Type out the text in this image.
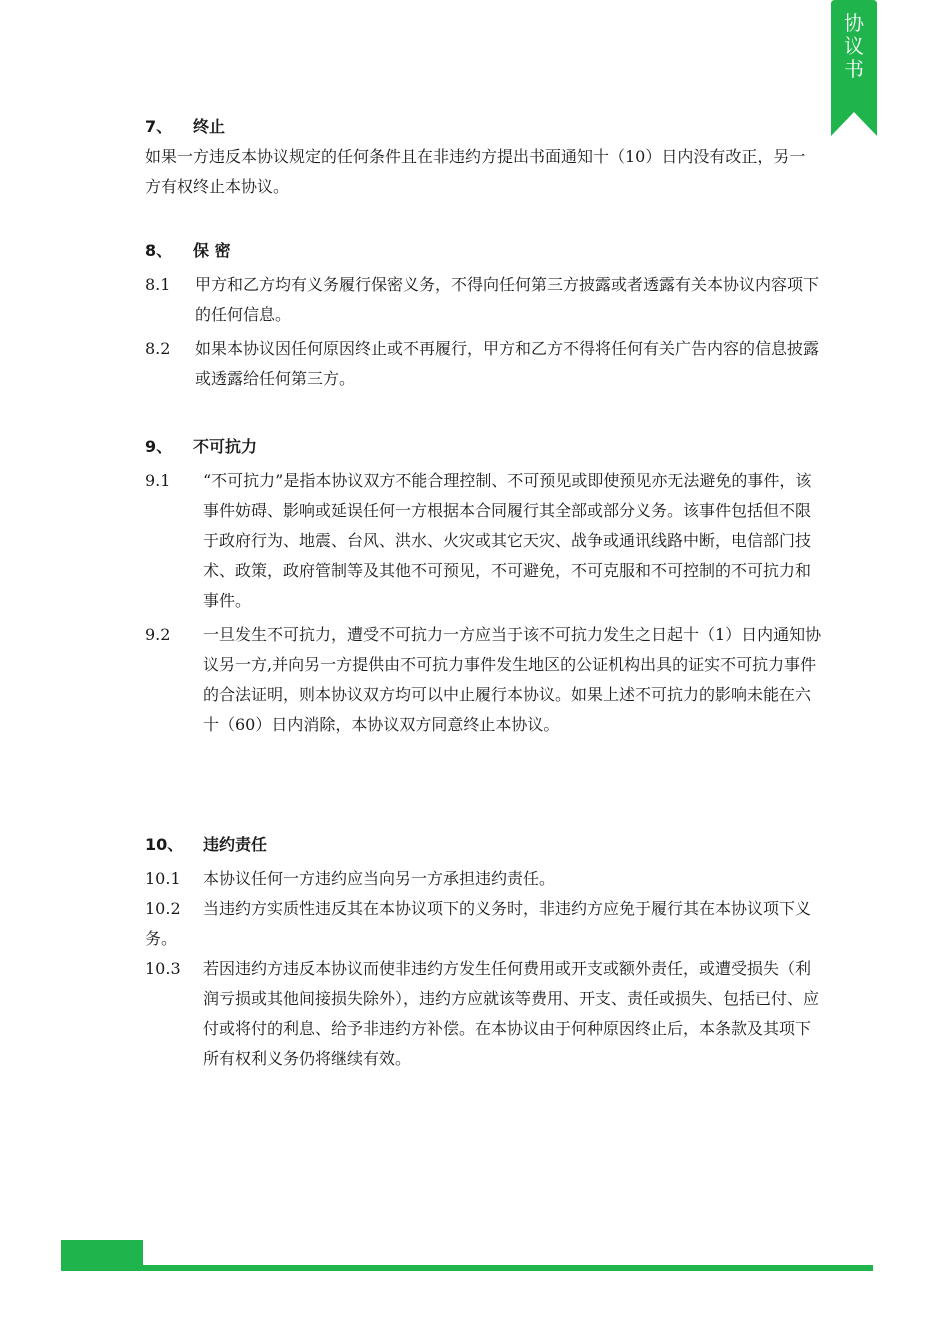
协
议
书
7、	终止
如果一方违反本协议规定的任何条件且在非违约方提出书面通知十（10）日内没有改正，另一方有权终止本协议。
8、	保 密
8.1	甲方和乙方均有义务履行保密义务，不得向任何第三方披露或者透露有关本协议内容项下的任何信息。
8.2	如果本协议因任何原因终止或不再履行，甲方和乙方不得将任何有关广告内容的信息披露或透露给任何第三方。
9、	不可抗力
9.1	“不可抗力”是指本协议双方不能合理控制、不可预见或即使预见亦无法避免的事件，该事件妨碍、影响或延误任何一方根据本合同履行其全部或部分义务。该事件包括但不限于政府行为、地震、台风、洪水、火灾或其它天灾、战争或通讯线路中断，电信部门技术、政策，政府管制等及其他不可预见，不可避免，不可克服和不可控制的不可抗力和事件。
9.2	一旦发生不可抗力，遭受不可抗力一方应当于该不可抗力发生之日起十（1）日内通知协议另一方,并向另一方提供由不可抗力事件发生地区的公证机构出具的证实不可抗力事件的合法证明，则本协议双方均可以中止履行本协议。如果上述不可抗力的影响未能在六十（60）日内消除，本协议双方同意终止本协议。
10、	违约责任
10.1	本协议任何一方违约应当向另一方承担违约责任。
10.2 当违约方实质性违反其在本协议项下的义务时，非违约方应免于履行其在本协议项下义务。
10.3	若因违约方违反本协议而使非违约方发生任何费用或开支或额外责任，或遭受损失（利润亏损或其他间接损失除外），违约方应就该等费用、开支、责任或损失、包括已付、应付或将付的利息、给予非违约方补偿。在本协议由于何种原因终止后，本条款及其项下所有权利义务仍将继续有效。
